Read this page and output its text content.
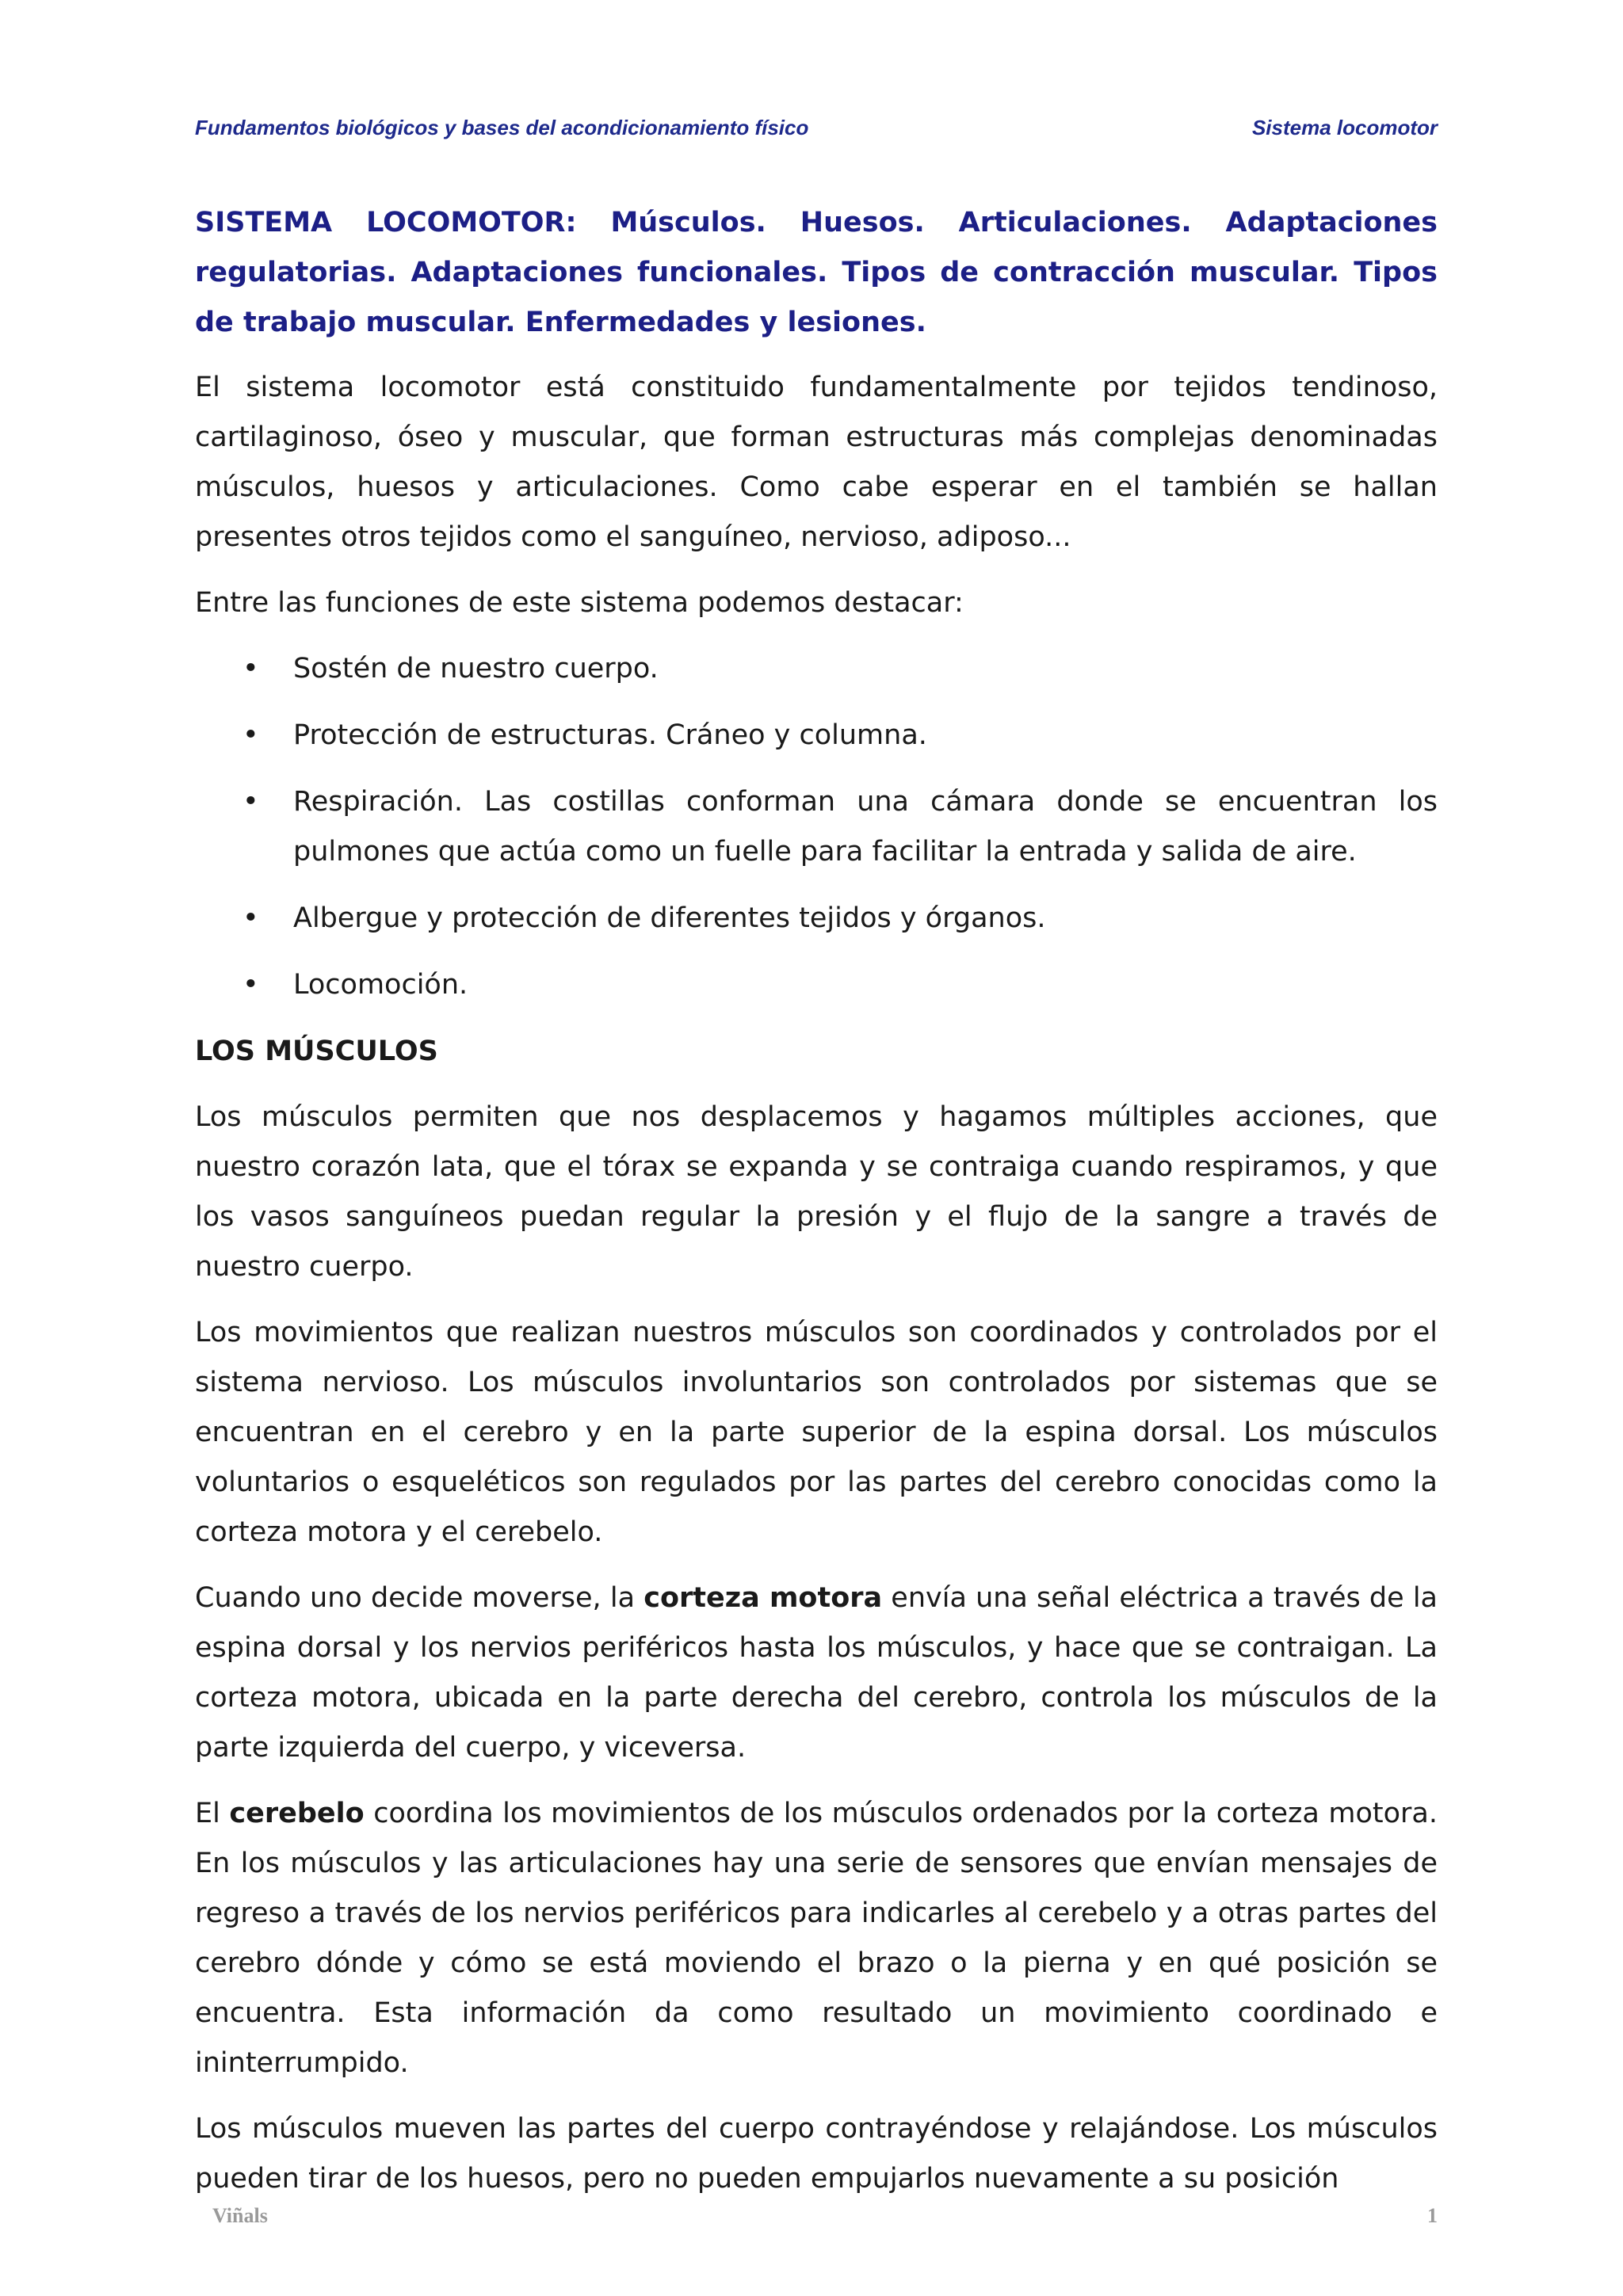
Fundamentos biológicos y bases del acondicionamiento físico	Sistema locomotor
SISTEMA LOCOMOTOR: Músculos. Huesos. Articulaciones. Adaptaciones regulatorias. Adaptaciones funcionales. Tipos de contracción muscular. Tipos de trabajo muscular. Enfermedades y lesiones.

El sistema locomotor está constituido fundamentalmente por tejidos tendinoso, cartilaginoso, óseo y muscular, que forman estructuras más complejas denominadas músculos, huesos y articulaciones. Como cabe esperar en el también se hallan presentes otros tejidos como el sanguíneo, nervioso, adiposo...

Entre las funciones de este sistema podemos destacar:

• Sostén de nuestro cuerpo.
• Protección de estructuras. Cráneo y columna.
• Respiración. Las costillas conforman una cámara donde se encuentran los pulmones que actúa como un fuelle para facilitar la entrada y salida de aire.
• Albergue y protección de diferentes tejidos y órganos.
• Locomoción.
LOS MÚSCULOS

Los músculos permiten que nos desplacemos y hagamos múltiples acciones, que nuestro corazón lata, que el tórax se expanda y se contraiga cuando respiramos, y que los vasos sanguíneos puedan regular la presión y el flujo de la sangre a través de nuestro cuerpo.

Los movimientos que realizan nuestros músculos son coordinados y controlados por el sistema nervioso. Los músculos involuntarios son controlados por sistemas que se encuentran en el cerebro y en la parte superior de la espina dorsal. Los músculos voluntarios o esqueléticos son regulados por las partes del cerebro conocidas como la corteza motora y el cerebelo.

Cuando uno decide moverse, la corteza motora envía una señal eléctrica a través de la espina dorsal y los nervios periféricos hasta los músculos, y hace que se contraigan. La corteza motora, ubicada en la parte derecha del cerebro, controla los músculos de la parte izquierda del cuerpo, y viceversa.

El cerebelo coordina los movimientos de los músculos ordenados por la corteza motora. En los músculos y las articulaciones hay una serie de sensores que envían mensajes de regreso a través de los nervios periféricos para indicarles al cerebelo y a otras partes del cerebro dónde y cómo se está moviendo el brazo o la pierna y en qué posición se encuentra. Esta información da como resultado un movimiento coordinado e ininterrumpido.

Los músculos mueven las partes del cuerpo contrayéndose y relajándose. Los músculos pueden tirar de los huesos, pero no pueden empujarlos nuevamente a su posición

Viñals	1
